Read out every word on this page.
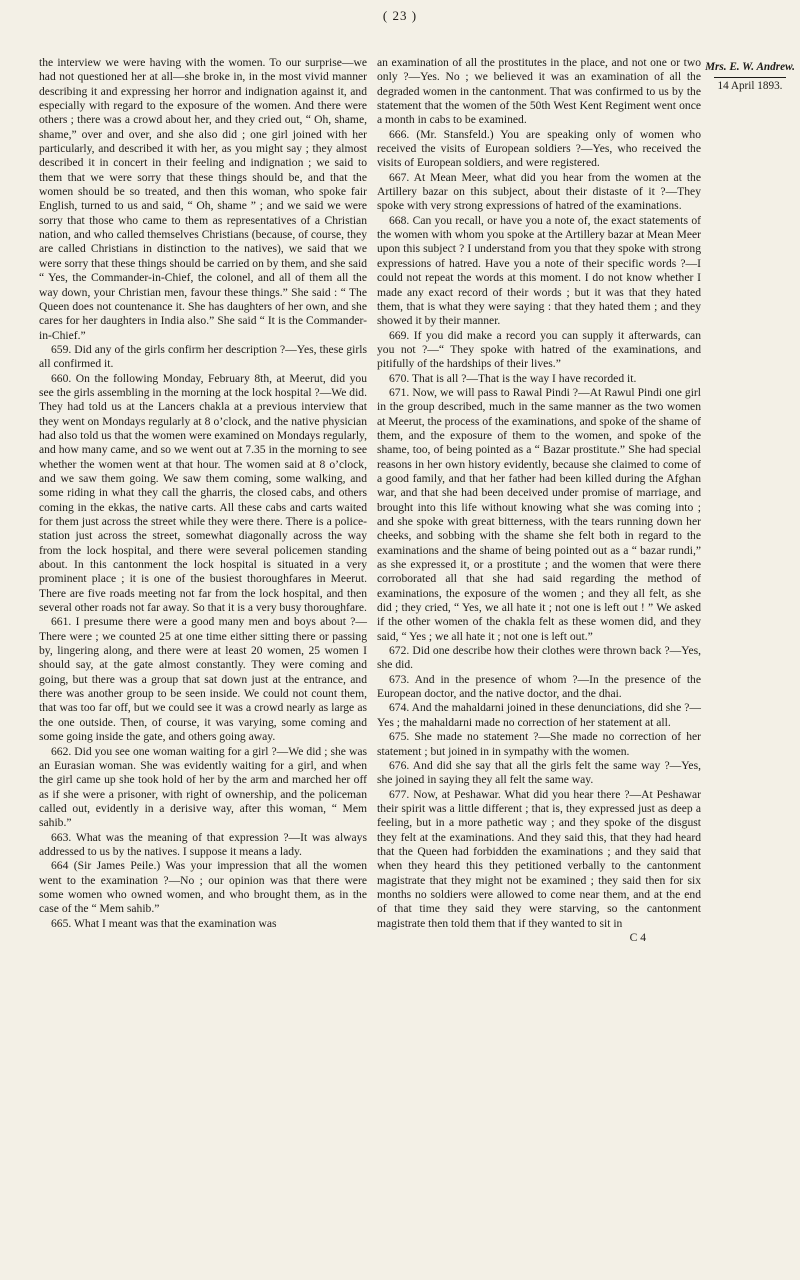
( 23 )
Mrs. E. W. Andrew.
14 April 1893.

the interview we were having with the women. To our surprise—we had not questioned her at all—she broke in, in the most vivid manner describing it and expressing her horror and indignation against it, and especially with regard to the exposure of the women. And there were others ; there was a crowd about her, and they cried out, “ Oh, shame, shame,” over and over, and she also did ; one girl joined with her particularly, and described it with her, as you might say ; they almost described it in concert in their feeling and indignation ; we said to them that we were sorry that these things should be, and that the women should be so treated, and then this woman, who spoke fair English, turned to us and said, “ Oh, shame ” ; and we said we were sorry that those who came to them as representatives of a Christian nation, and who called themselves Christians (because, of course, they are called Christians in distinction to the natives), we said that we were sorry that these things should be carried on by them, and she said “ Yes, the Commander-in-Chief, the colonel, and all of them all the way down, your Christian men, favour these things.” She said : “ The Queen does not countenance it. She has daughters of her own, and she cares for her daughters in India also.” She said “ It is the Commander-in-Chief.”

659. Did any of the girls confirm her description ?—Yes, these girls all confirmed it.

660. On the following Monday, February 8th, at Meerut, did you see the girls assembling in the morning at the lock hospital ?—We did. They had told us at the Lancers chakla at a previous interview that they went on Mondays regularly at 8 o’clock, and the native physician had also told us that the women were examined on Mondays regularly, and how many came, and so we went out at 7.35 in the morning to see whether the women went at that hour. The women said at 8 o’clock, and we saw them going. We saw them coming, some walking, and some riding in what they call the gharris, the closed cabs, and others coming in the ekkas, the native carts. All these cabs and carts waited for them just across the street while they were there. There is a police-station just across the street, somewhat diagonally across the way from the lock hospital, and there were several policemen standing about. In this cantonment the lock hospital is situated in a very prominent place ; it is one of the busiest thoroughfares in Meerut. There are five roads meeting not far from the lock hospital, and then several other roads not far away. So that it is a very busy thoroughfare.

661. I presume there were a good many men and boys about ?—There were ; we counted 25 at one time either sitting there or passing by, lingering along, and there were at least 20 women, 25 women I should say, at the gate almost constantly. They were coming and going, but there was a group that sat down just at the entrance, and there was another group to be seen inside. We could not count them, that was too far off, but we could see it was a crowd nearly as large as the one outside. Then, of course, it was varying, some coming and some going inside the gate, and others going away.

662. Did you see one woman waiting for a girl ?—We did ; she was an Eurasian woman. She was evidently waiting for a girl, and when the girl came up she took hold of her by the arm and marched her off as if she were a prisoner, with right of ownership, and the policeman called out, evidently in a derisive way, after this woman, “ Mem sahib.”

663. What was the meaning of that expression ?—It was always addressed to us by the natives. I suppose it means a lady.

664 (Sir James Peile.) Was your impression that all the women went to the examination ?—No ; our opinion was that there were some women who owned women, and who brought them, as in the case of the “ Mem sahib.”

665. What I meant was that the examination was

an examination of all the prostitutes in the place, and not one or two only ?—Yes. No ; we believed it was an examination of all the degraded women in the cantonment. That was confirmed to us by the statement that the women of the 50th West Kent Regiment went once a month in cabs to be examined.

666. (Mr. Stansfeld.) You are speaking only of women who received the visits of European soldiers ?—Yes, who received the visits of European soldiers, and were registered.

667. At Mean Meer, what did you hear from the women at the Artillery bazar on this subject, about their distaste of it ?—They spoke with very strong expressions of hatred of the examinations.

668. Can you recall, or have you a note of, the exact statements of the women with whom you spoke at the Artillery bazar at Mean Meer upon this subject ? I understand from you that they spoke with strong expressions of hatred. Have you a note of their specific words ?—I could not repeat the words at this moment. I do not know whether I made any exact record of their words ; but it was that they hated them, that is what they were saying : that they hated them ; and they showed it by their manner.

669. If you did make a record you can supply it afterwards, can you not ?—“ They spoke with hatred of the examinations, and pitifully of the hardships of their lives.”

670. That is all ?—That is the way I have recorded it.

671. Now, we will pass to Rawal Pindi ?—At Rawul Pindi one girl in the group described, much in the same manner as the two women at Meerut, the process of the examinations, and spoke of the shame of them, and the exposure of them to the women, and spoke of the shame, too, of being pointed as a “ Bazar prostitute.” She had special reasons in her own history evidently, because she claimed to come of a good family, and that her father had been killed during the Afghan war, and that she had been deceived under promise of marriage, and brought into this life without knowing what she was coming into ; and she spoke with great bitterness, with the tears running down her cheeks, and sobbing with the shame she felt both in regard to the examinations and the shame of being pointed out as a “ bazar rundi,” as she expressed it, or a prostitute ; and the women that were there corroborated all that she had said regarding the method of examinations, the exposure of the women ; and they all felt, as she did ; they cried, “ Yes, we all hate it ; not one is left out ! ” We asked if the other women of the chakla felt as these women did, and they said, “ Yes ; we all hate it ; not one is left out.”

672. Did one describe how their clothes were thrown back ?—Yes, she did.

673. And in the presence of whom ?—In the presence of the European doctor, and the native doctor, and the dhai.

674. And the mahaldarni joined in these denunciations, did she ?—Yes ; the mahaldarni made no correction of her statement at all.

675. She made no statement ?—She made no correction of her statement ; but joined in in sympathy with the women.

676. And did she say that all the girls felt the same way ?—Yes, she joined in saying they all felt the same way.

677. Now, at Peshawar. What did you hear there ?—At Peshawar their spirit was a little different ; that is, they expressed just as deep a feeling, but in a more pathetic way ; and they spoke of the disgust they felt at the examinations. And they said this, that they had heard that the Queen had forbidden the examinations ; and they said that when they heard this they petitioned verbally to the cantonment magistrate that they might not be examined ; they said then for six months no soldiers were allowed to come near them, and at the end of that time they said they were starving, so the cantonment magistrate then told them that if they wanted to sit in

C 4
